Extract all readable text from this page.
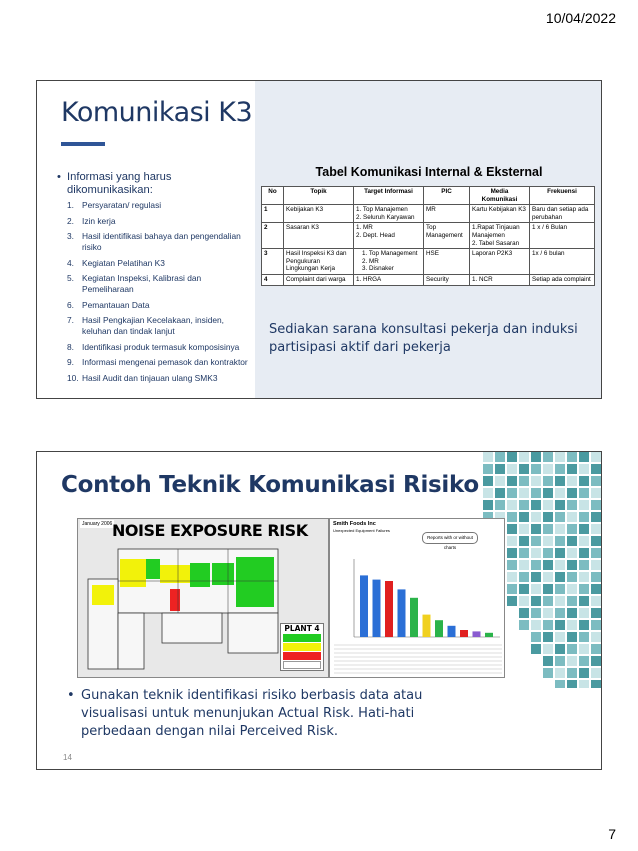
10/04/2022
Komunikasi K3
• Informasi yang harus dikomunikasikan:
1. Persyaratan/ regulasi
2. Izin kerja
3. Hasil identifikasi bahaya dan pengendalian risiko
4. Kegiatan Pelatihan K3
5. Kegiatan Inspeksi, Kalibrasi dan Pemeliharaan
6. Pemantauan Data
7. Hasil Pengkajian Kecelakaan, insiden, keluhan dan tindak lanjut
8. Identifikasi produk termasuk komposisinya
9. Informasi mengenai pemasok dan kontraktor
10. Hasil Audit dan tinjauan ulang SMK3
Tabel Komunikasi Internal & Eksternal
No	Topik	Target Informasi	PIC	Media Komunikasi	Frekuensi
1	Kebijakan K3	1. Top Manajemen
2. Seluruh Karyawan	MR	Kartu Kebijakan K3	Baru dan setiap ada perubahan
2	Sasaran K3	1. MR
2. Dept. Head	Top Management	1.Rapat Tinjauan Manajemen
2. Tabel Sasaran	1 x / 6 Bulan
3	Hasil Inspeksi K3 dan Pengukuran Lingkungan Kerja	1. Top Management
2. MR
3. Disnaker	HSE	Laporan P2K3	1x / 6 bulan
4	Complaint dari warga	1. HRGA	Security	1. NCR	Setiap ada complaint
Sediakan sarana konsultasi pekerja dan induksi partisipasi aktif dari pekerja
Contoh Teknik Komunikasi Risiko
January 2006 NOISE EXPOSURE RISK
PLANT 4
Smith Foods Inc
Unexpected Equipment Failures
Reports with or without charts
• Gunakan teknik identifikasi risiko berbasis data atau visualisasi untuk menunjukan Actual Risk. Hati-hati perbedaan dengan nilai Perceived Risk.
14
7
